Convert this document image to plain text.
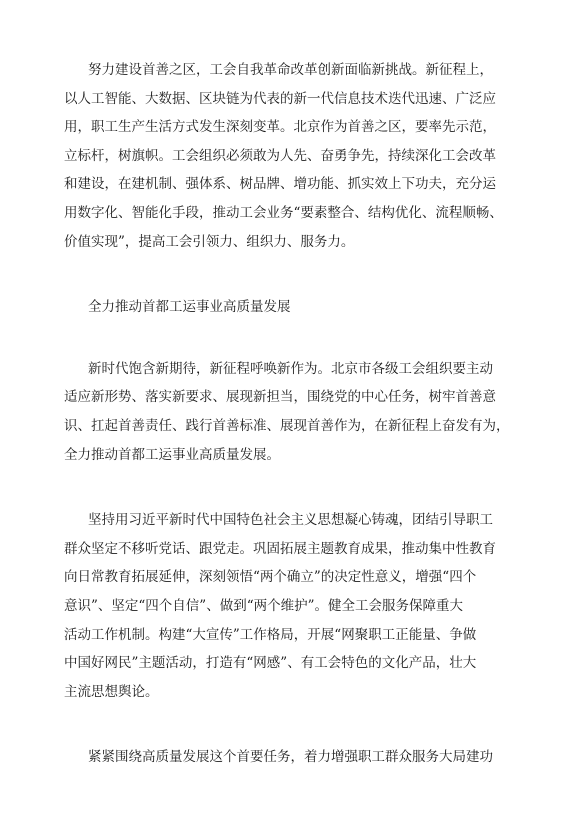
努力建设首善之区，工会自我革命改革创新面临新挑战。新征程上，
以人工智能、大数据、区块链为代表的新一代信息技术迭代迅速、广泛应
用，职工生产生活方式发生深刻变革。北京作为首善之区，要率先示范，
立标杆，树旗帜。工会组织必须敢为人先、奋勇争先，持续深化工会改革
和建设，在建机制、强体系、树品牌、增功能、抓实效上下功夫，充分运
用数字化、智能化手段，推动工会业务“要素整合、结构优化、流程顺畅、
价值实现”，提高工会引领力、组织力、服务力。
全力推动首都工运事业高质量发展
新时代饱含新期待，新征程呼唤新作为。北京市各级工会组织要主动
适应新形势、落实新要求、展现新担当，围绕党的中心任务，树牢首善意
识、扛起首善责任、践行首善标准、展现首善作为，在新征程上奋发有为，
全力推动首都工运事业高质量发展。
坚持用习近平新时代中国特色社会主义思想凝心铸魂，团结引导职工
群众坚定不移听党话、跟党走。巩固拓展主题教育成果，推动集中性教育
向日常教育拓展延伸，深刻领悟“两个确立”的决定性意义，增强“四个
意识”、坚定“四个自信”、做到“两个维护”。健全工会服务保障重大
活动工作机制。构建“大宣传”工作格局，开展“网聚职工正能量、争做
中国好网民”主题活动，打造有“网感”、有工会特色的文化产品，壮大
主流思想舆论。
紧紧围绕高质量发展这个首要任务，着力增强职工群众服务大局建功
